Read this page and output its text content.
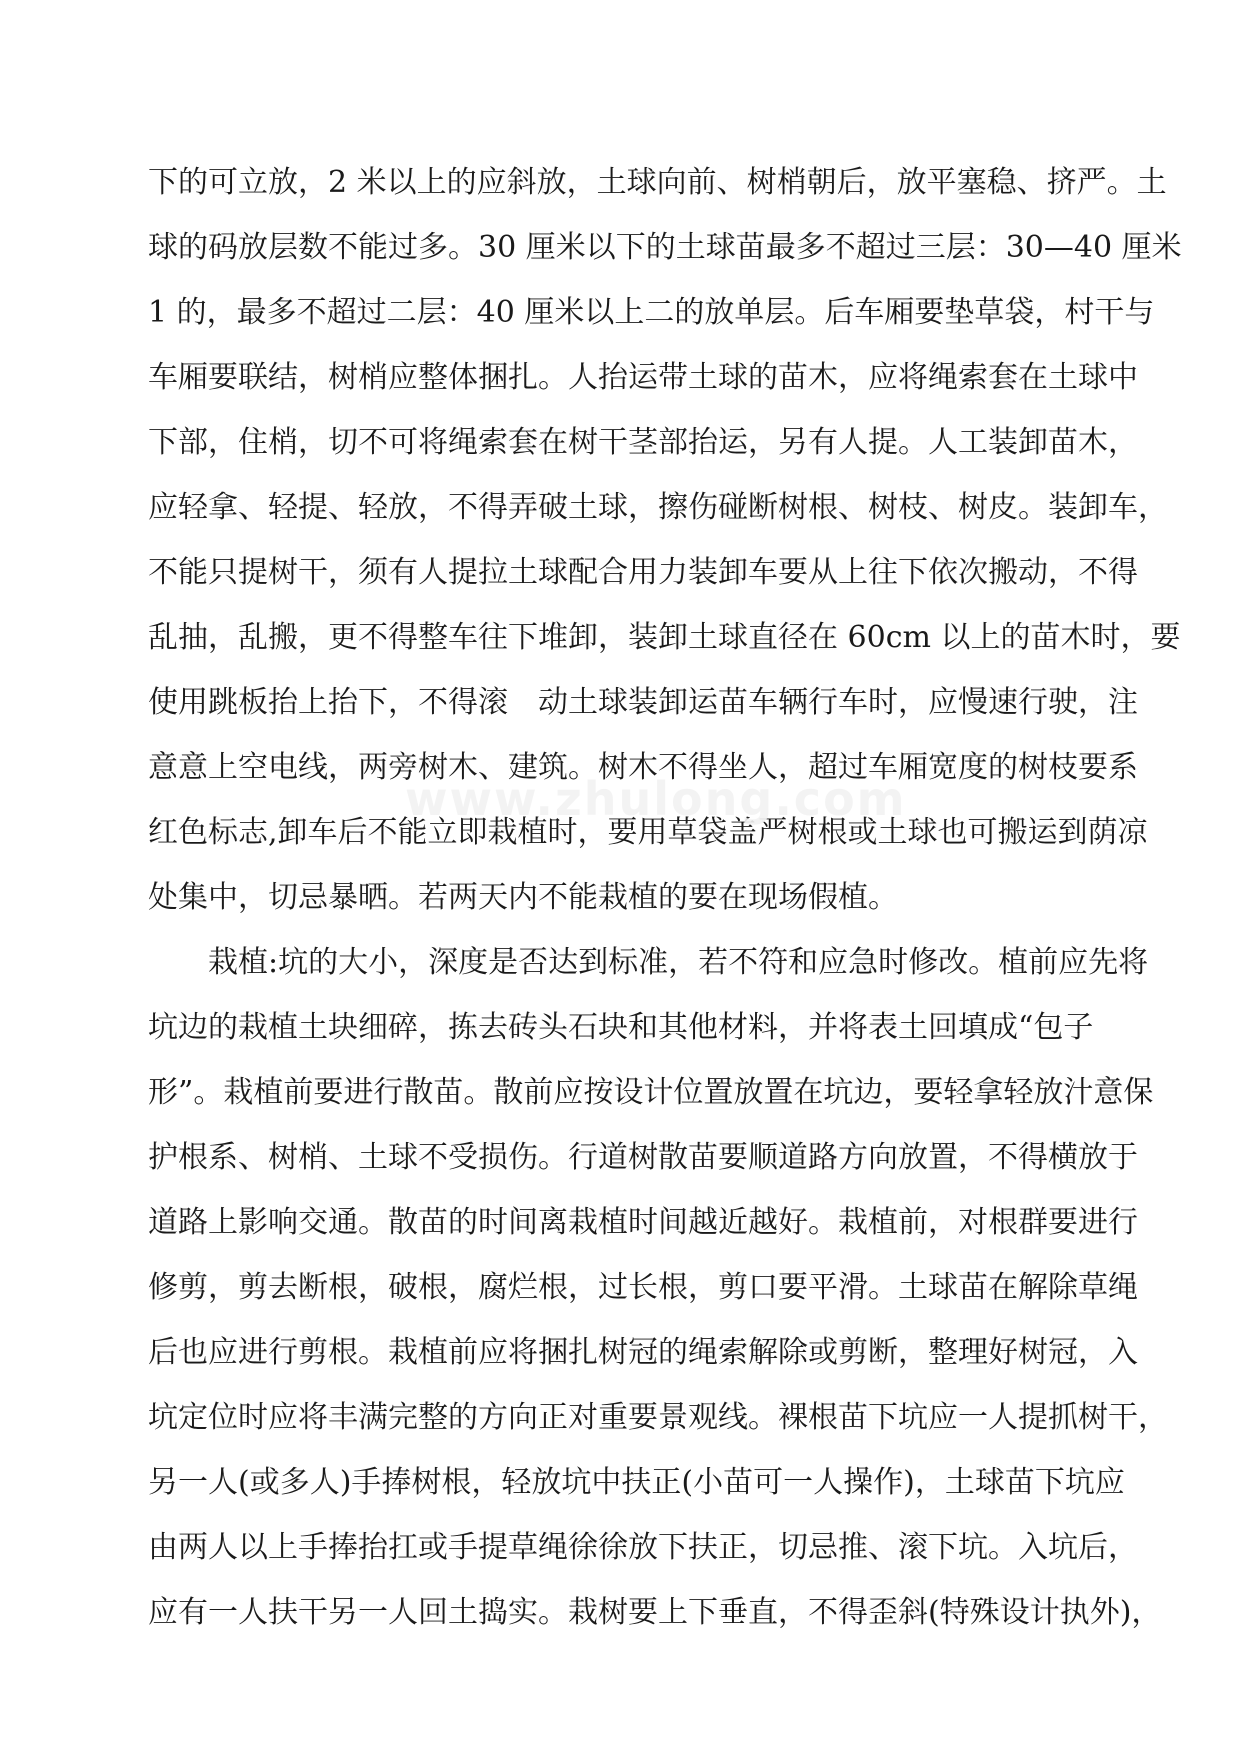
下的可立放，2 米以上的应斜放，土球向前、树梢朝后，放平塞稳、挤严。土
球的码放层数不能过多。30 厘米以下的土球苗最多不超过三层：30—40 厘米
1 的，最多不超过二层：40 厘米以上二的放单层。后车厢要垫草袋，村干与
车厢要联结，树梢应整体捆扎。人抬运带土球的苗木，应将绳索套在土球中
下部，住梢，切不可将绳索套在树干茎部抬运，另有人提。人工装卸苗木，
应轻拿、轻提、轻放，不得弄破土球，擦伤碰断树根、树枝、树皮。装卸车，
不能只提树干，须有人提拉土球配合用力装卸车要从上往下依次搬动，不得
乱抽，乱搬，更不得整车往下堆卸，装卸土球直径在 60cm 以上的苗木时，要
使用跳板抬上抬下，不得滚　动土球装卸运苗车辆行车时，应慢速行驶，注
意意上空电线，两旁树木、建筑。树木不得坐人，超过车厢宽度的树枝要系
红色标志,卸车后不能立即栽植时，要用草袋盖严树根或土球也可搬运到荫凉
处集中，切忌暴晒。若两天内不能栽植的要在现场假植。
　　栽植:坑的大小，深度是否达到标准，若不符和应急时修改。植前应先将
坑边的栽植土块细碎，拣去砖头石块和其他材料，并将表土回填成“包子
形”。栽植前要进行散苗。散前应按设计位置放置在坑边，要轻拿轻放汁意保
护根系、树梢、土球不受损伤。行道树散苗要顺道路方向放置，不得横放于
道路上影响交通。散苗的时间离栽植时间越近越好。栽植前，对根群要进行
修剪，剪去断根，破根，腐烂根，过长根，剪口要平滑。土球苗在解除草绳
后也应进行剪根。栽植前应将捆扎树冠的绳索解除或剪断，整理好树冠，入
坑定位时应将丰满完整的方向正对重要景观线。裸根苗下坑应一人提抓树干，
另一人(或多人)手捧树根，轻放坑中扶正(小苗可一人操作)，土球苗下坑应
由两人以上手捧抬扛或手提草绳徐徐放下扶正，切忌推、滚下坑。入坑后，
应有一人扶干另一人回土捣实。栽树要上下垂直，不得歪斜(特殊设计执外)，
www.zhulong.com
